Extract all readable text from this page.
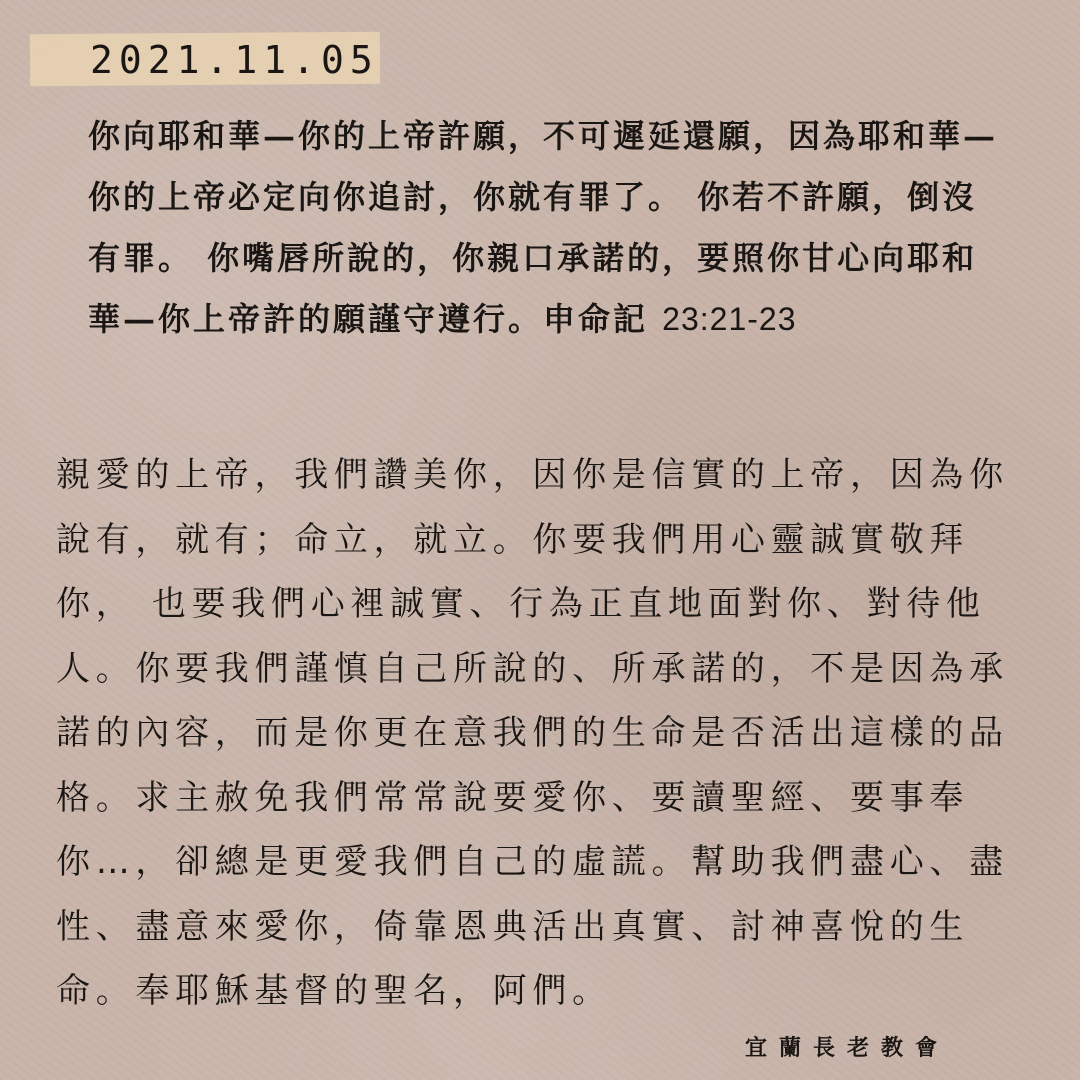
2021.11.05

你向耶和華—你的上帝許願，不可遲延還願，因為耶和華—你的上帝必定向你追討，你就有罪了。 你若不許願，倒沒有罪。 你嘴唇所說的，你親口承諾的，要照你甘心向耶和華—你上帝許的願謹守遵行。申命記 23:21-23

親愛的上帝，我們讚美你，因你是信實的上帝，因為你說有，就有；命立，就立。你要我們用心靈誠實敬拜你， 也要我們心裡誠實、行為正直地面對你、對待他人。你要我們謹慎自己所說的、所承諾的，不是因為承諾的內容，而是你更在意我們的生命是否活出這樣的品格。求主赦免我們常常說要愛你、要讀聖經、要事奉你…，卻總是更愛我們自己的虛謊。幫助我們盡心、盡性、盡意來愛你，倚靠恩典活出真實、討神喜悅的生命。奉耶穌基督的聖名，阿們。

宜蘭長老教會
